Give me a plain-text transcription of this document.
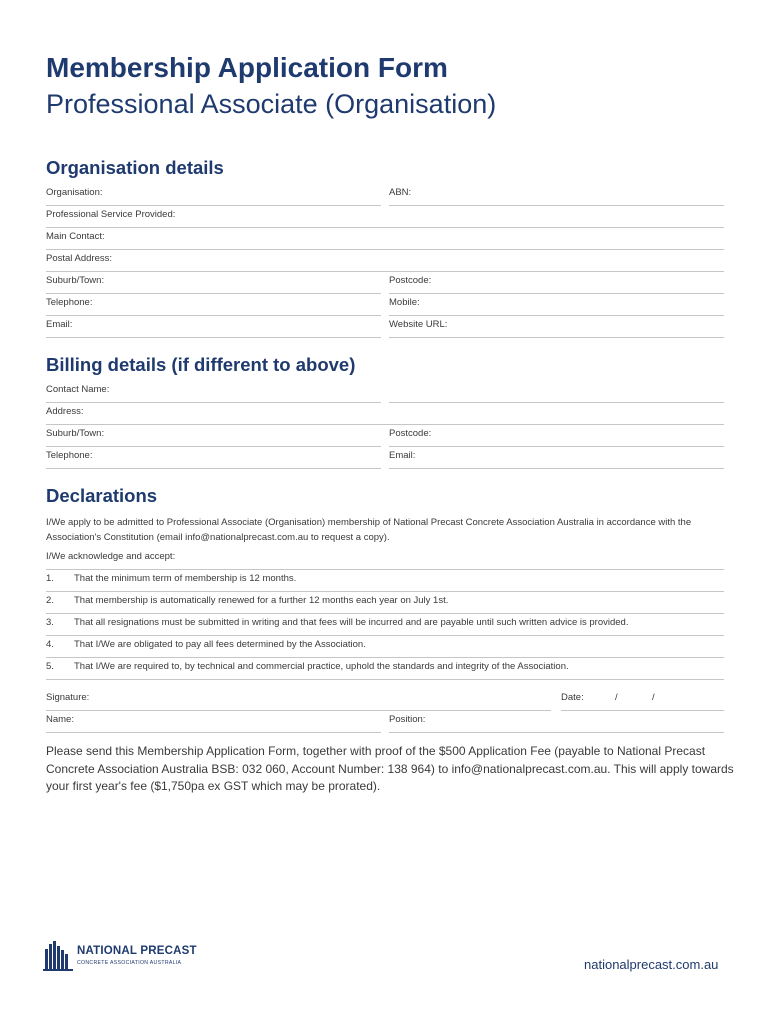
Membership Application Form
Professional Associate (Organisation)
Organisation details
Organisation:	ABN:
Professional Service Provided:
Main Contact:
Postal Address:
Suburb/Town:	Postcode:
Telephone:	Mobile:
Email:	Website URL:
Billing details (if different to above)
Contact Name:
Address:
Suburb/Town:	Postcode:
Telephone:	Email:
Declarations
I/We apply to be admitted to Professional Associate (Organisation) membership of National Precast Concrete Association Australia in accordance with the Association's Constitution (email info@nationalprecast.com.au to request a copy).
I/We acknowledge and accept:
1. That the minimum term of membership is 12 months.
2. That membership is automatically renewed for a further 12 months each year on July 1st.
3. That all resignations must be submitted in writing and that fees will be incurred and are payable until such written advice is provided.
4. That I/We are obligated to pay all fees determined by the Association.
5. That I/We are required to, by technical and commercial practice, uphold the standards and integrity of the Association.
Signature:	Date:	/	/
Name:	Position:
Please send this Membership Application Form, together with proof of the $500 Application Fee (payable to National Precast Concrete Association Australia BSB: 032 060, Account Number: 138 964) to info@nationalprecast.com.au. This will apply towards your first year's fee ($1,750pa ex GST which may be prorated).
NATIONAL PRECAST
CONCRETE ASSOCIATION AUSTRALIA	nationalprecast.com.au
